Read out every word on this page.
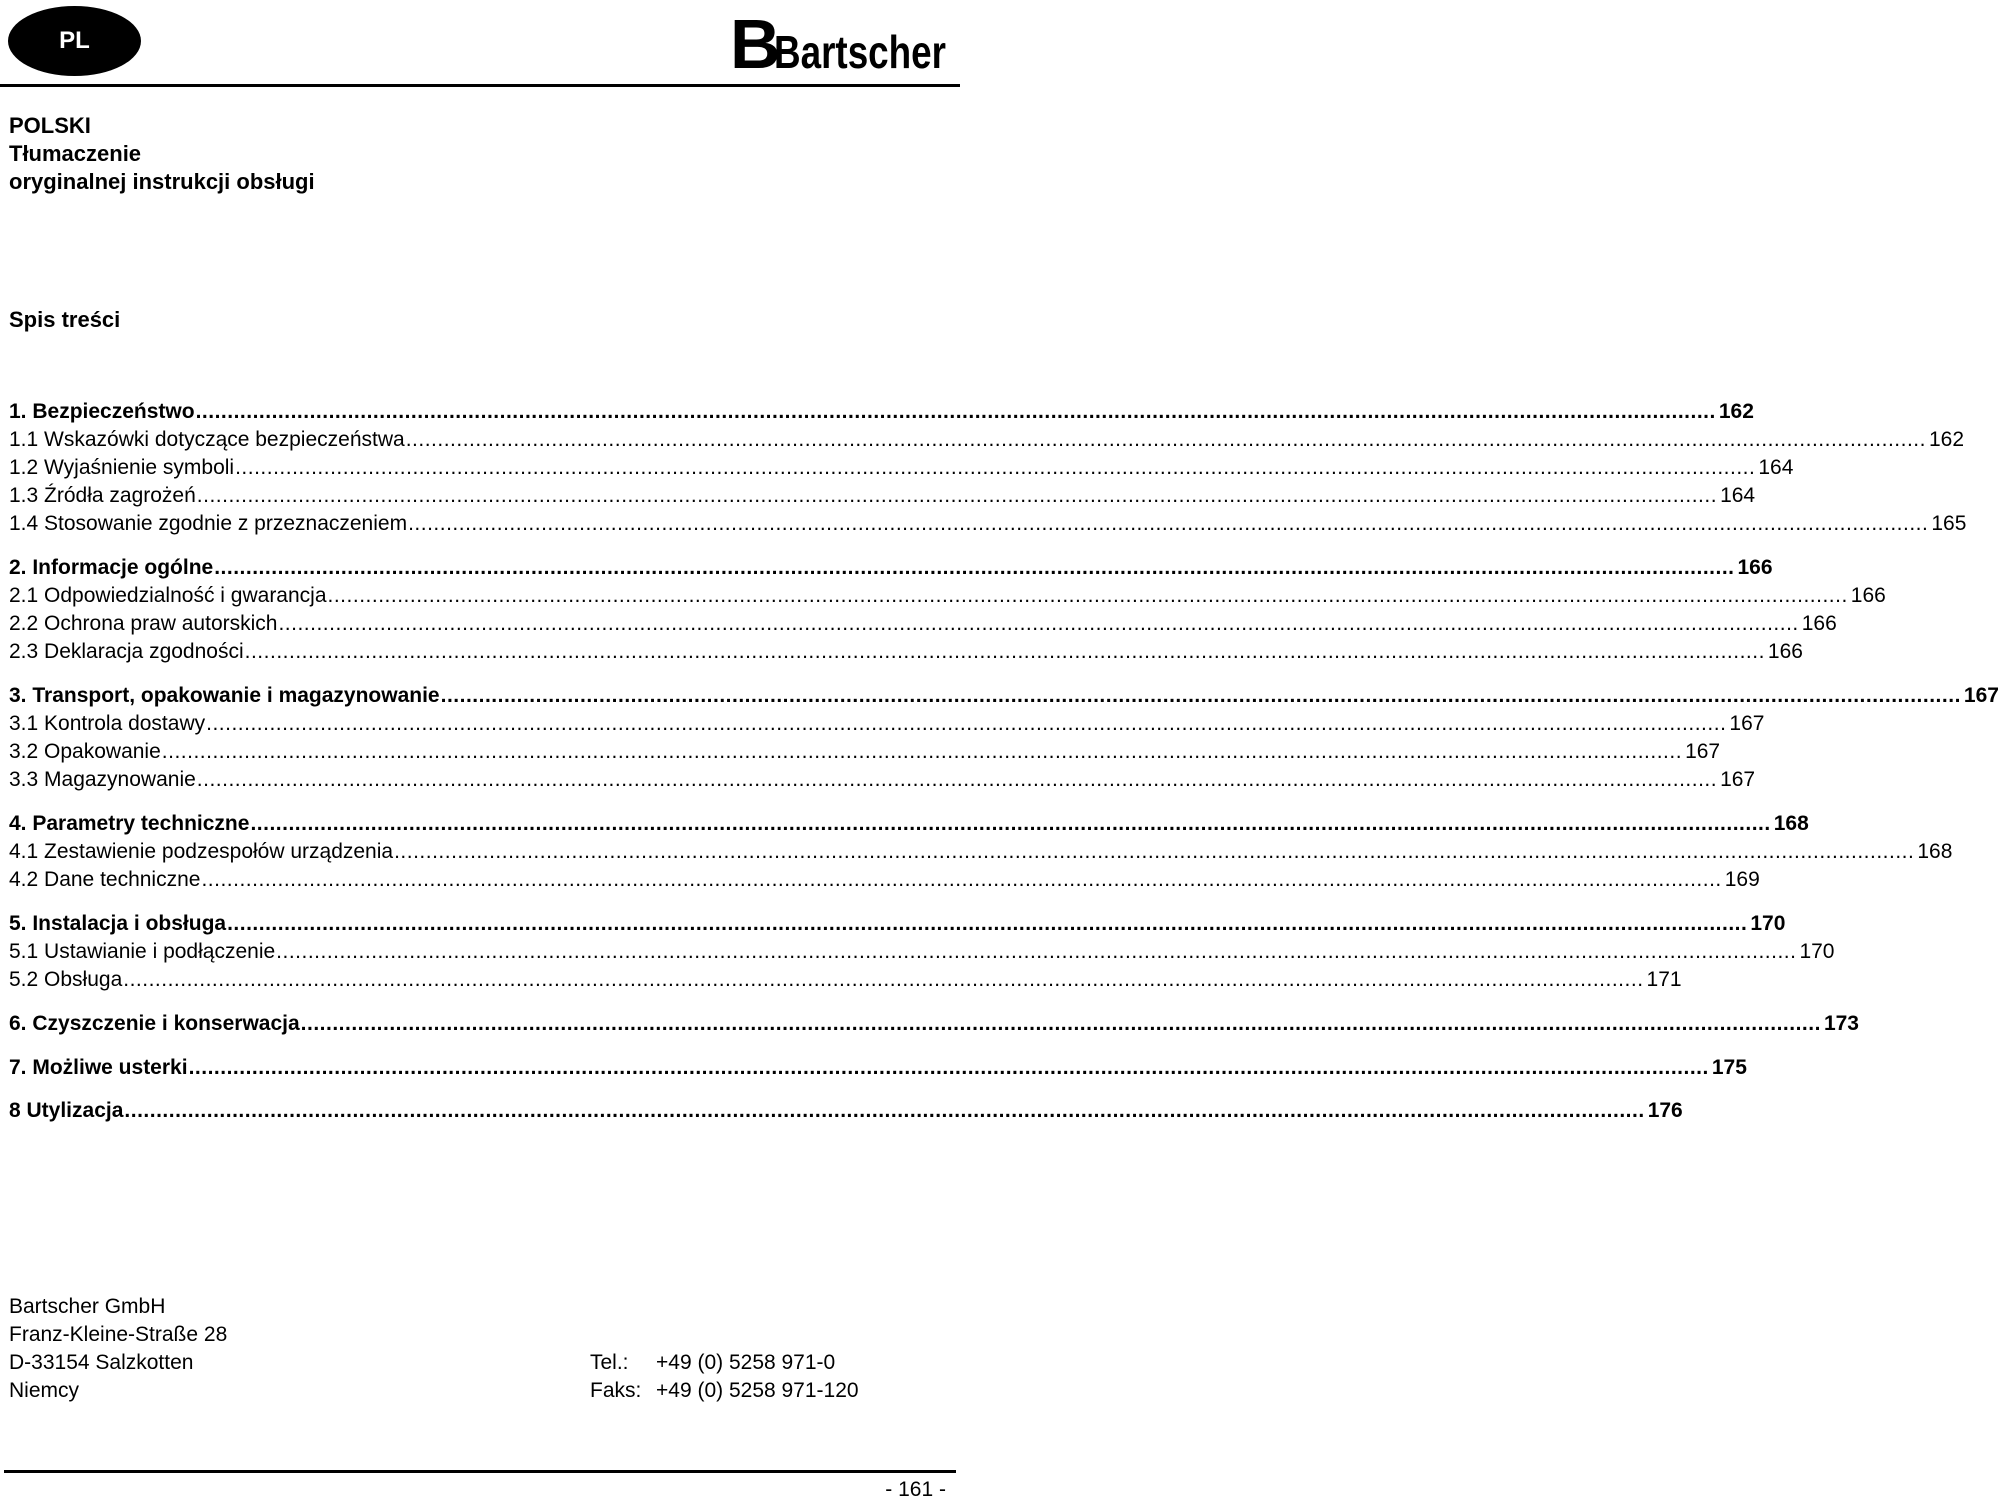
PL	B
Bartscher
POLSKI
Tłumaczenie
oryginalnej instrukcji obsługi
Spis treści
1. Bezpieczeństwo .....	162
1.1 Wskazówki dotyczące bezpieczeństwa .....	162
1.2 Wyjaśnienie symboli .....	164
1.3 Źródła zagrożeń .....	164
1.4 Stosowanie zgodnie z przeznaczeniem .....	165
2. Informacje ogólne .....	166
2.1 Odpowiedzialność i gwarancja .....	166
2.2 Ochrona praw autorskich .....	166
2.3 Deklaracja zgodności .....	166
3. Transport, opakowanie i magazynowanie .....	167
3.1 Kontrola dostawy .....	167
3.2 Opakowanie .....	167
3.3 Magazynowanie .....	167
4. Parametry techniczne .....	168
4.1 Zestawienie podzespołów urządzenia .....	168
4.2 Dane techniczne .....	169
5. Instalacja i obsługa .....	170
5.1 Ustawianie i podłączenie .....	170
5.2 Obsługa .....	171
6. Czyszczenie i konserwacja .....	173
7. Możliwe usterki .....	175
8 Utylizacja .....	176
Bartscher GmbH
Franz-Kleine-Straße 28
D-33154 Salzkotten
Niemcy
Tel.: +49 (0) 5258 971-0
Faks: +49 (0) 5258 971-120
- 161 -
